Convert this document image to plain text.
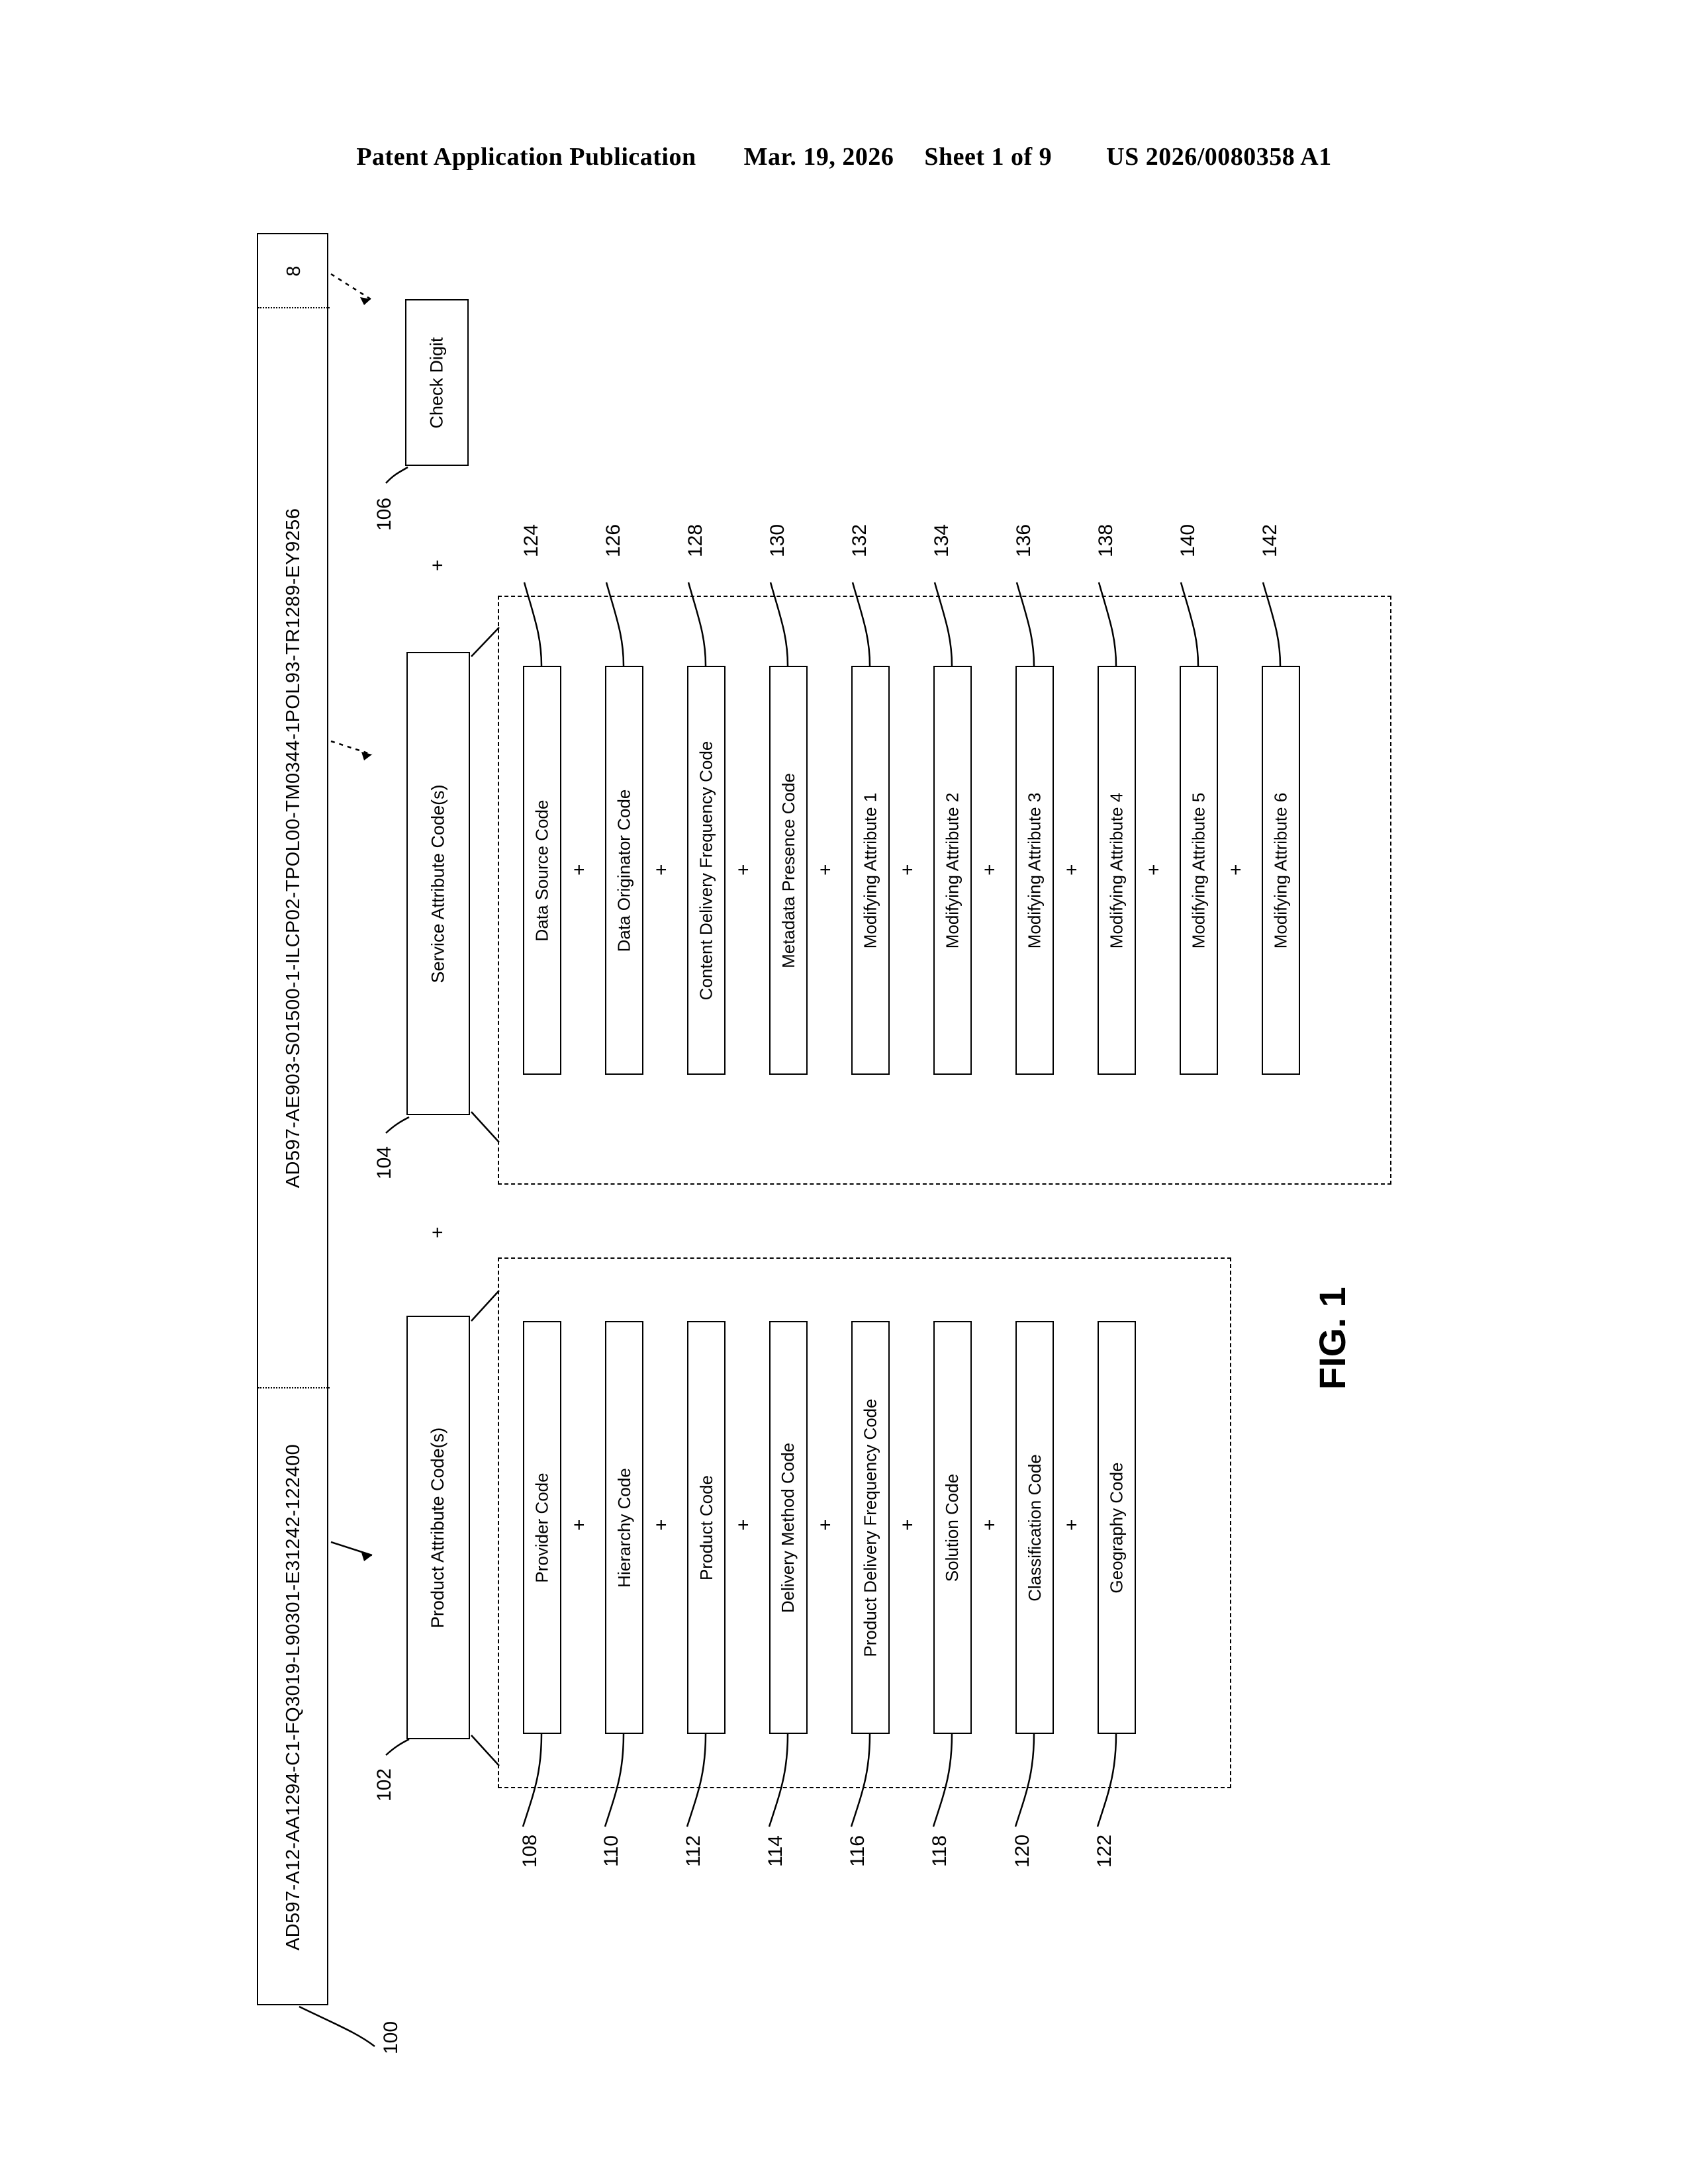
Patent Application Publication Mar. 19, 2026 Sheet 1 of 9 US 2026/0080358 A1
8
AD597-AE903-S01500-1-ILCP02-TPOL00-TM0344-1POL93-TR1289-EY9256
AD597-A12-AA1294-C1-FQ3019-L90301-E31242-122400
100
Check Digit
106
+
+
Service Attribute Code(s)
104
Data Source Code	Data Originator Code	Content Delivery Frequency Code	Metadata Presence Code	Modifying Attribute 1	Modifying Attribute 2	Modifying Attribute 3	Modifying Attribute 4	Modifying Attribute 5	Modifying Attribute 6
+	+	+	+	+	+	+	+	+
124	126	128	130	132	134	136	138	140	142
Product Attribute Code(s)
102
Provider Code	Hierarchy Code	Product Code	Delivery Method Code	Product Delivery Frequency Code	Solution Code	Classification Code	Geography Code
+	+	+	+	+	+	+
108	110	112	114	116	118	120	122
FIG. 1
